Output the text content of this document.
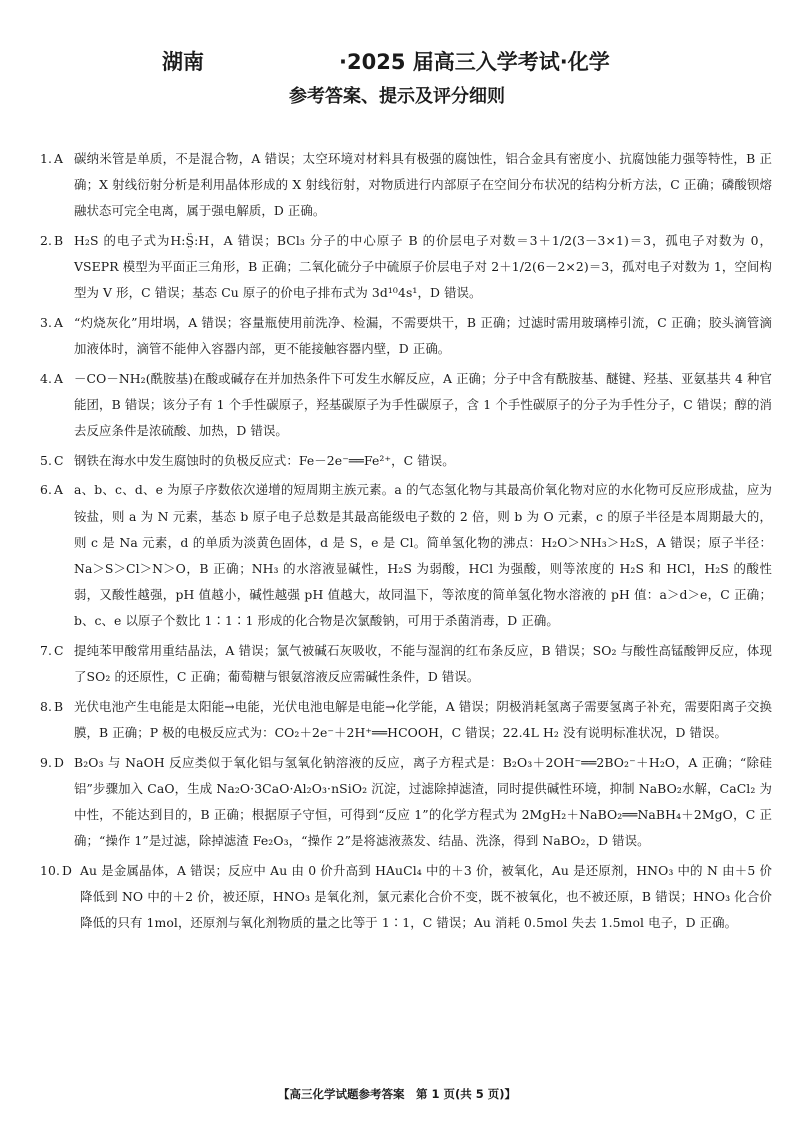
湖南	·2025 届高三入学考试·化学
参考答案、提示及评分细则
1. A 碳纳米管是单质，不是混合物，A 错误；太空环境对材料具有极强的腐蚀性，铝合金具有密度小、抗腐蚀能力强等特性，B 正确；X 射线衍射分析是利用晶体形成的 X 射线衍射，对物质进行内部原子在空间分布状况的结构分析方法，C 正确；磷酸钡熔融状态可完全电离，属于强电解质，D 正确。
2. B H₂S 的电子式为H:S̤̈:H，A 错误；BCl₃ 分子的中心原子 B 的价层电子对数＝3＋1/2(3－3×1)＝3，孤电子对数为 0，VSEPR 模型为平面正三角形，B 正确；二氧化硫分子中硫原子价层电子对 2＋1/2(6－2×2)＝3，孤对电子对数为 1，空间构型为 V 形，C 错误；基态 Cu 原子的价电子排布式为 3d¹⁰4s¹，D 错误。
3. A “灼烧灰化”用坩埚，A 错误；容量瓶使用前洗净、检漏，不需要烘干，B 正确；过滤时需用玻璃棒引流，C 正确；胶头滴管滴加液体时，滴管不能伸入容器内部，更不能接触容器内壁，D 正确。
4. A －CO－NH₂(酰胺基)在酸或碱存在并加热条件下可发生水解反应，A 正确；分子中含有酰胺基、醚键、羟基、亚氨基共 4 种官能团，B 错误；该分子有 1 个手性碳原子，羟基碳原子为手性碳原子，含 1 个手性碳原子的分子为手性分子，C 错误；醇的消去反应条件是浓硫酸、加热，D 错误。
5. C 钢铁在海水中发生腐蚀时的负极反应式：Fe－2e⁻══Fe²⁺，C 错误。
6. A a、b、c、d、e 为原子序数依次递增的短周期主族元素。a 的气态氢化物与其最高价氧化物对应的水化物可反应形成盐，应为铵盐，则 a 为 N 元素，基态 b 原子电子总数是其最高能级电子数的 2 倍，则 b 为 O 元素，c 的原子半径是本周期最大的，则 c 是 Na 元素，d 的单质为淡黄色固体，d 是 S，e 是 Cl。简单氢化物的沸点：H₂O＞NH₃＞H₂S，A 错误；原子半径：Na＞S＞Cl＞N＞O，B 正确；NH₃ 的水溶液显碱性，H₂S 为弱酸，HCl 为强酸，则等浓度的 H₂S 和 HCl，H₂S 的酸性弱，又酸性越强，pH 值越小，碱性越强 pH 值越大，故同温下，等浓度的简单氢化物水溶液的 pH 值：a＞d＞e，C 正确；b、c、e 以原子个数比 1∶1∶1 形成的化合物是次氯酸钠，可用于杀菌消毒，D 正确。
7. C 提纯苯甲酸常用重结晶法，A 错误；氯气被碱石灰吸收，不能与湿润的红布条反应，B 错误；SO₂ 与酸性高锰酸钾反应，体现了SO₂ 的还原性，C 正确；葡萄糖与银氨溶液反应需碱性条件，D 错误。
8. B 光伏电池产生电能是太阳能→电能，光伏电池电解是电能→化学能，A 错误；阴极消耗氢离子需要氢离子补充，需要阳离子交换膜，B 正确；P 极的电极反应式为：CO₂＋2e⁻＋2H⁺══HCOOH，C 错误；22.4L H₂ 没有说明标准状况，D 错误。
9. D B₂O₃ 与 NaOH 反应类似于氧化铝与氢氧化钠溶液的反应，离子方程式是：B₂O₃＋2OH⁻══2BO₂⁻＋H₂O，A 正确；“除硅铝”步骤加入 CaO，生成 Na₂O·3CaO·Al₂O₃·nSiO₂ 沉淀，过滤除掉滤渣，同时提供碱性环境，抑制 NaBO₂水解，CaCl₂ 为中性，不能达到目的，B 正确；根据原子守恒，可得到“反应 1”的化学方程式为 2MgH₂＋NaBO₂══NaBH₄＋2MgO，C 正确；“操作 1”是过滤，除掉滤渣 Fe₂O₃，“操作 2”是将滤液蒸发、结晶、洗涤，得到 NaBO₂，D 错误。
10. D Au 是金属晶体，A 错误；反应中 Au 由 0 价升高到 HAuCl₄ 中的＋3 价，被氧化，Au 是还原剂，HNO₃ 中的 N 由＋5 价降低到 NO 中的＋2 价，被还原，HNO₃ 是氧化剂，氯元素化合价不变，既不被氧化，也不被还原，B 错误；HNO₃ 化合价降低的只有 1mol，还原剂与氧化剂物质的量之比等于 1∶1，C 错误；Au 消耗 0.5mol 失去 1.5mol 电子，D 正确。
【高三化学试题参考答案　第 1 页(共 5 页)】
